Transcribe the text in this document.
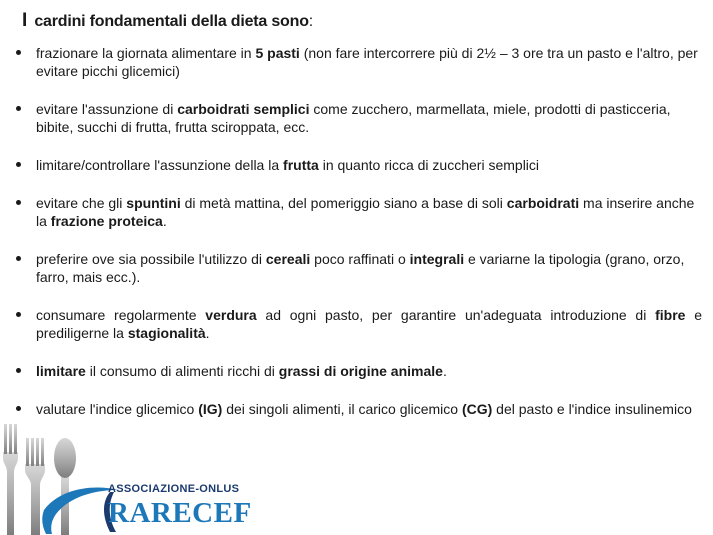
I cardini fondamentali della dieta sono:
frazionare la giornata alimentare in 5 pasti (non fare intercorrere più di 2½ – 3 ore tra un pasto e l'altro, per evitare picchi glicemici)
evitare l'assunzione di carboidrati semplici come zucchero, marmellata, miele, prodotti di pasticceria, bibite, succhi di frutta, frutta sciroppata, ecc.
limitare/controllare l'assunzione della la frutta in quanto ricca di zuccheri semplici
evitare che gli spuntini di metà mattina, del pomeriggio siano a base di soli carboidrati ma inserire anche la frazione proteica.
preferire ove sia possibile l'utilizzo di cereali poco raffinati o integrali e variarne la tipologia (grano, orzo, farro, mais ecc.).
consumare regolarmente verdura ad ogni pasto, per garantire un'adeguata introduzione di fibre e prediligerne la stagionalità.
limitare il consumo di alimenti ricchi di grassi di origine animale.
valutare l'indice glicemico (IG) dei singoli alimenti, il carico glicemico (CG) del pasto e l'indice insulinemico
ASSOCIAZIONE-ONLUS
RARECEF
